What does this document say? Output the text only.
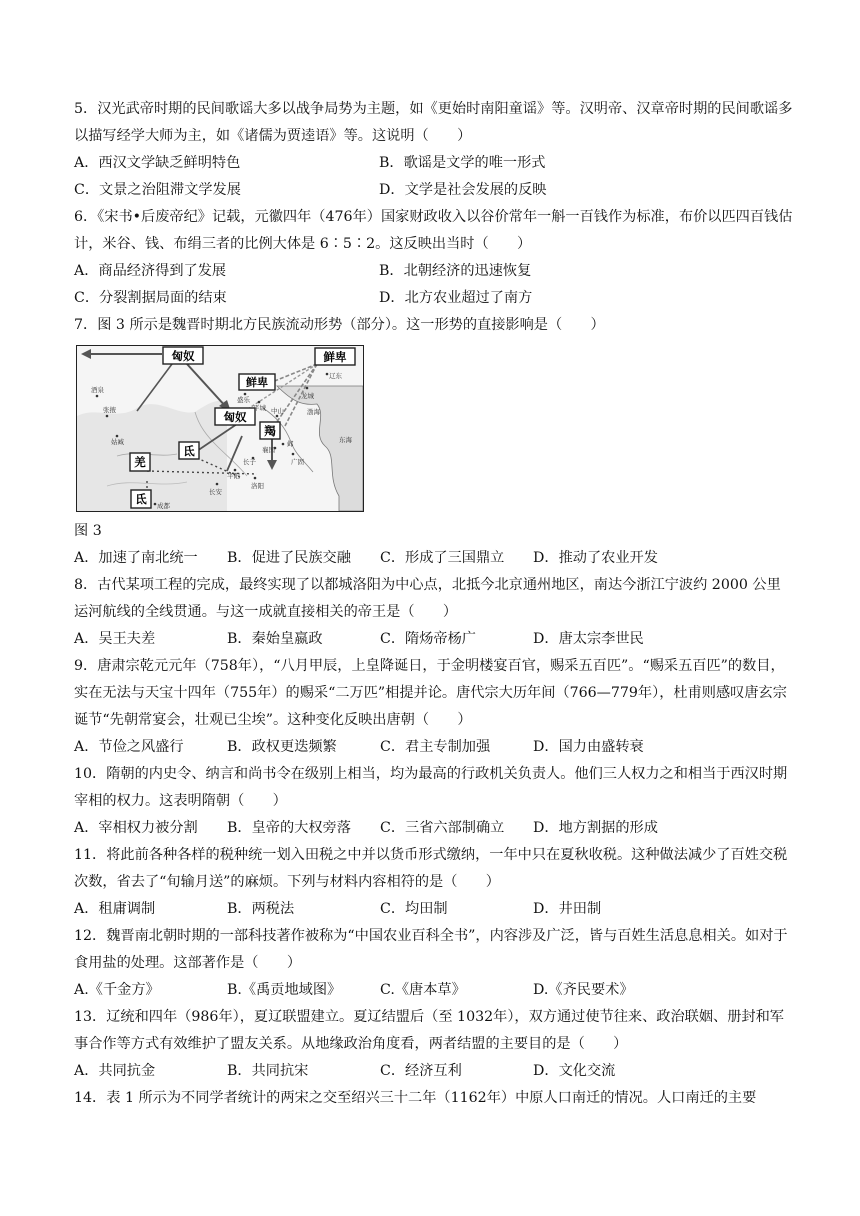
5．汉光武帝时期的民间歌谣大多以战争局势为主题，如《更始时南阳童谣》等。汉明帝、汉章帝时期的民间歌谣多以描写经学大师为主，如《诸儒为贾逵语》等。这说明（　　）

A．西汉文学缺乏鲜明特色	B．歌谣是文学的唯一形式
C．文景之治阻滞文学发展	D．文学是社会发展的反映

6．《宋书•后废帝纪》记载，元徽四年（476年）国家财政收入以谷价常年一斛一百钱作为标准，布价以匹四百钱估计，米谷、钱、布绢三者的比例大体是 6∶5∶2。这反映出当时（　　）

A．商品经济得到了发展	B．北朝经济的迅速恢复
C．分裂割据局面的结束	D．北方农业超过了南方

7．图 3 所示是魏晋时期北方民族流动形势（部分）。这一形势的直接影响是（　　）

匈奴	鲜卑
鲜卑
匈奴
羯
羌
氐
氐
酒泉
张掖
姑臧
盛乐
平城 中山
龙城
辽东
渤海
东海
邺
襄国
长子
平阳
洛阳
长安
成都
广固

图 3

A．加速了南北统一	B．促进了民族交融	C．形成了三国鼎立	D．推动了农业开发

8．古代某项工程的完成，最终实现了以都城洛阳为中心点，北抵今北京通州地区，南达今浙江宁波约 2000 公里运河航线的全线贯通。与这一成就直接相关的帝王是（　　）

A．吴王夫差	B．秦始皇嬴政	C．隋炀帝杨广	D．唐太宗李世民

9．唐肃宗乾元元年（758年），“八月甲辰，上皇降诞日，于金明楼宴百官，赐采五百匹”。“赐采五百匹”的数目，实在无法与天宝十四年（755年）的赐采“二万匹”相提并论。唐代宗大历年间（766—779年），杜甫则感叹唐玄宗诞节“先朝常宴会，壮观已尘埃”。这种变化反映出唐朝（　　）

A．节俭之风盛行	B．政权更迭频繁	C．君主专制加强	D．国力由盛转衰

10．隋朝的内史令、纳言和尚书令在级别上相当，均为最高的行政机关负责人。他们三人权力之和相当于西汉时期宰相的权力。这表明隋朝（　　）

A．宰相权力被分割	B．皇帝的大权旁落	C．三省六部制确立	D．地方割据的形成

11．将此前各种各样的税种统一划入田税之中并以货币形式缴纳，一年中只在夏秋收税。这种做法减少了百姓交税次数，省去了“旬输月送”的麻烦。下列与材料内容相符的是（　　）

A．租庸调制	B．两税法	C．均田制	D．井田制

12．魏晋南北朝时期的一部科技著作被称为“中国农业百科全书”，内容涉及广泛，皆与百姓生活息息相关。如对于食用盐的处理。这部著作是（　　）

A.《千金方》	B.《禹贡地域图》	C.《唐本草》	D.《齐民要术》

13．辽统和四年（986年），夏辽联盟建立。夏辽结盟后（至 1032年），双方通过使节往来、政治联姻、册封和军事合作等方式有效维护了盟友关系。从地缘政治角度看，两者结盟的主要目的是（　　）

A．共同抗金	B．共同抗宋	C．经济互利	D．文化交流

14．表 1 所示为不同学者统计的两宋之交至绍兴三十二年（1162年）中原人口南迁的情况。人口南迁的主要
